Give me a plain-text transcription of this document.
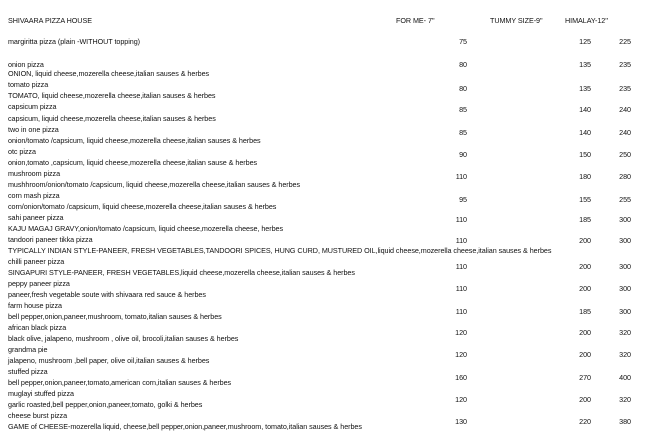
SHIVAARA PIZZA HOUSE	FOR ME- 7''	TUMMY SIZE-9''	HIMALAY-12''
margiritta pizza (plain -WITHOUT topping)	75	125	225
onion pizza
ONION, liquid cheese,mozerella cheese,italian sauses & herbes
80	135	235
tomato pizza
TOMATO, liquid cheese,mozerella cheese,italian sauses & herbes
80	135	235
capsicum pizza
capsicum, liquid cheese,mozerella cheese,italian sauses & herbes
85	140	240
two in one pizza
onion/tomato /capsicum, liquid cheese,mozerella cheese,italian sauses & herbes
85	140	240
otc pizza
onion,tomato ,capsicum, liquid cheese,mozerella cheese,italian sause & herbes
90	150	250
mushroom pizza
mushhroom/onion/tomato /capsicum, liquid cheese,mozerella cheese,italian sauses & herbes
110	180	280
corn mash pizza
corn/onion/tomato /capsicum, liquid cheese,mozerella cheese,italian sauses & herbes
95	155	255
sahi paneer pizza
KAJU MAGAJ GRAVY,onion/tomato /capsicum, liquid cheese,mozerella cheese, herbes
110	185	300
tandoori paneer tikka pizza
TYPICALLY INDIAN STYLE-PANEER, FRESH VEGETABLES,TANDOORI SPICES, HUNG CURD, MUSTURED OIL,liquid cheese,mozerella cheese,italian sauses & herbes
110	200	300
chilli paneer pizza
SINGAPURI STYLE-PANEER, FRESH VEGETABLES,liquid cheese,mozerella cheese,italian sauses & herbes
110	200	300
peppy paneer pizza
paneer,fresh vegetable soute with shivaara red sauce & herbes
110	200	300
farm house pizza
bell pepper,onion,paneer,mushroom, tomato,italian sauses & herbes
110	185	300
african black pizza
black olive, jalapeno, mushroom , olive oil, brocoli,italian sauses & herbes
120	200	320
grandma pie
jalapeno, mushroom ,bell paper, olive oil,italian sauses & herbes
120	200	320
stuffed pizza
bell pepper,onion,paneer,tomato,american corn,italian sauses & herbes
160	270	400
muglayi stuffed pizza
garlic roasted,bell pepper,onion,paneer,tomato, golki & herbes
120	200	320
cheese burst pizza
GAME of CHEESE-mozerella liquid, cheese,bell pepper,onion,paneer,mushroom, tomato,italian sauses & herbes
130	220	380
